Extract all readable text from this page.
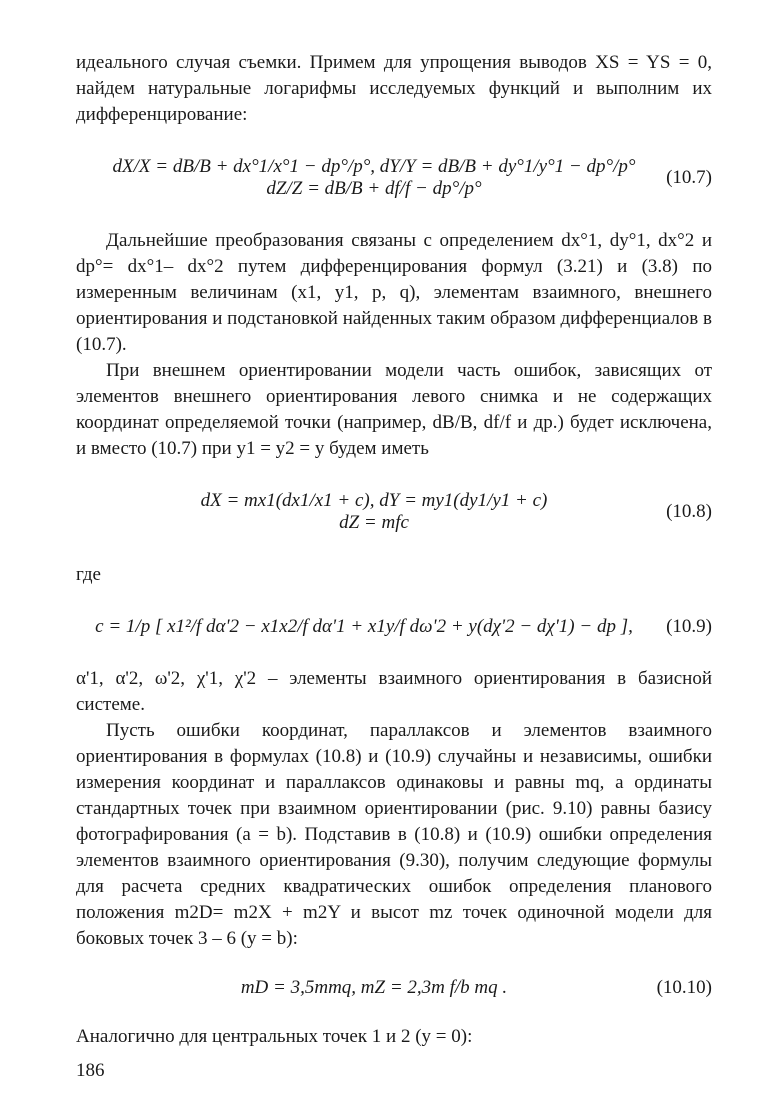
идеального случая съемки. Примем для упрощения выводов XS = YS = 0, найдем натуральные логарифмы исследуемых функций и выполним их дифференцирование:

dX/X = dB/B + dx°1/x°1 − dp°/p°, dY/Y = dB/B + dy°1/y°1 − dp°/p°
dZ/Z = dB/B + df/f − dp°/p°
(10.7)

Дальнейшие преобразования связаны с определением dx°1, dy°1, dx°2 и dp°= dx°1– dx°2 путем дифференцирования формул (3.21) и (3.8) по измеренным величинам (x1, y1, p, q), элементам взаимного, внешнего ориентирования и подстановкой найденных таким образом дифференциалов в (10.7).

При внешнем ориентировании модели часть ошибок, зависящих от элементов внешнего ориентирования левого снимка и не содержащих координат определяемой точки (например, dB/B, df/f и др.) будет исключена, и вместо (10.7) при y1 = y2 = y будем иметь

dX = mx1(dx1/x1 + c), dY = my1(dy1/y1 + c)
dZ = mfc
(10.8)

где

c = 1/p [ x1²/f dα'2 − x1x2/f dα'1 + x1y/f dω'2 + y(dχ'2 − dχ'1) − dp ], (10.9)

α'1, α'2, ω'2, χ'1, χ'2 – элементы взаимного ориентирования в базисной системе.

Пусть ошибки координат, параллаксов и элементов взаимного ориентирования в формулах (10.8) и (10.9) случайны и независимы, ошибки измерения координат и параллаксов одинаковы и равны mq, а ординаты стандартных точек при взаимном ориентировании (рис. 9.10) равны базису фотографирования (a = b). Подставив в (10.8) и (10.9) ошибки определения элементов взаимного ориентирования (9.30), получим следующие формулы для расчета средних квадратических ошибок определения планового положения m2D= m2X + m2Y и высот mz точек одиночной модели для боковых точек 3 – 6 (y = b):

mD = 3,5mmq, mZ = 2,3m f/b mq .	(10.10)

Аналогично для центральных точек 1 и 2 (y = 0):

186
